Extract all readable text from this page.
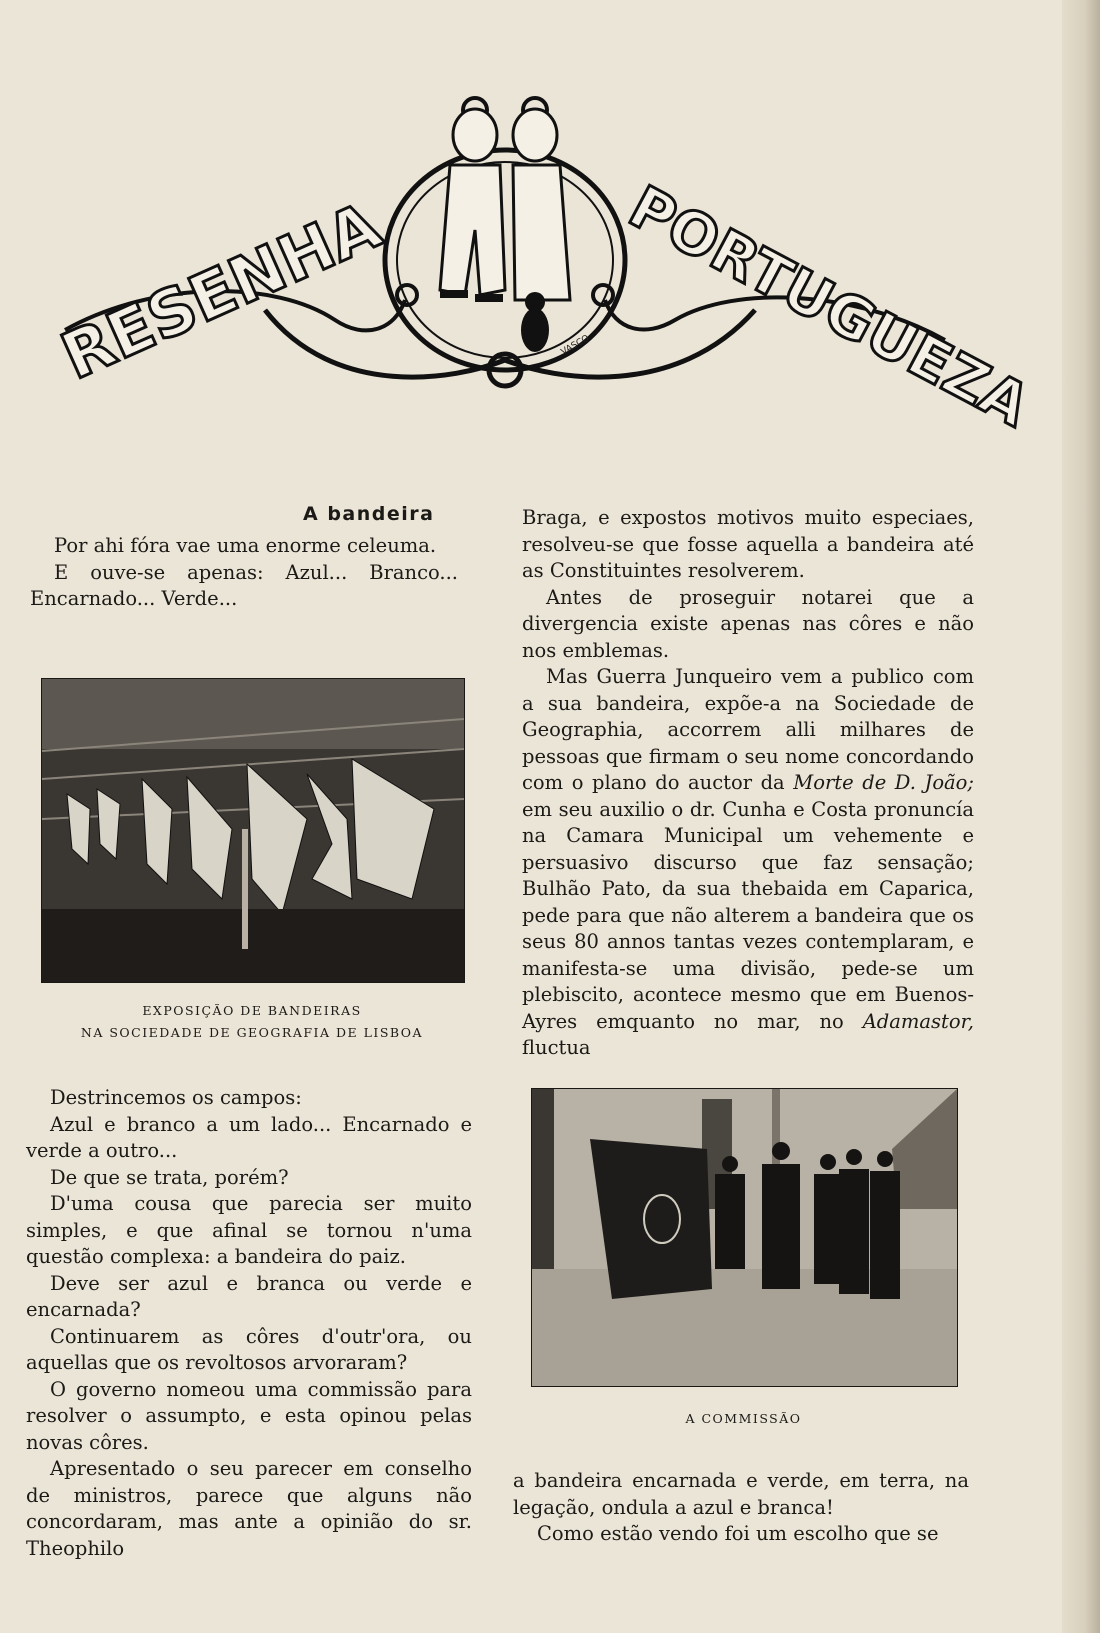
RESENHA	PORTUGUEZA
VASCO
A bandeira

Por ahi fóra vae uma enorme celeuma.

E ouve-se apenas: Azul... Branco... Encarnado... Verde...

EXPOSIÇÃO DE BANDEIRAS
NA SOCIEDADE DE GEOGRAFIA DE LISBOA

Destrincemos os campos:

Azul e branco a um lado... Encarnado e verde a outro...

De que se trata, porém?

D'uma cousa que parecia ser muito simples, e que afinal se tornou n'uma questão complexa: a bandeira do paiz.

Deve ser azul e branca ou verde e encarnada?

Continuarem as côres d'outr'ora, ou aquellas que os revoltosos arvoraram?

O governo nomeou uma commissão para resolver o assumpto, e esta opinou pelas novas côres.

Apresentado o seu parecer em conselho de ministros, parece que alguns não concordaram, mas ante a opinião do sr. Theophilo

Braga, e expostos motivos muito especiaes, resolveu-se que fosse aquella a bandeira até as Constituintes resolverem.

Antes de proseguir notarei que a divergencia existe apenas nas côres e não nos emblemas.

Mas Guerra Junqueiro vem a publico com a sua bandeira, expõe-a na Sociedade de Geographia, accorrem alli milhares de pessoas que firmam o seu nome concordando com o plano do auctor da Morte de D. João; em seu auxilio o dr. Cunha e Costa pronuncía na Camara Municipal um vehemente e persuasivo discurso que faz sensação; Bulhão Pato, da sua thebaida em Caparica, pede para que não alterem a bandeira que os seus 80 annos tantas vezes contemplaram, e manifesta-se uma divisão, pede-se um plebiscito, acontece mesmo que em Buenos-Ayres emquanto no mar, no Adamastor, fluctua

A COMMISSÃO

a bandeira encarnada e verde, em terra, na legação, ondula a azul e branca!

Como estão vendo foi um escolho que se
